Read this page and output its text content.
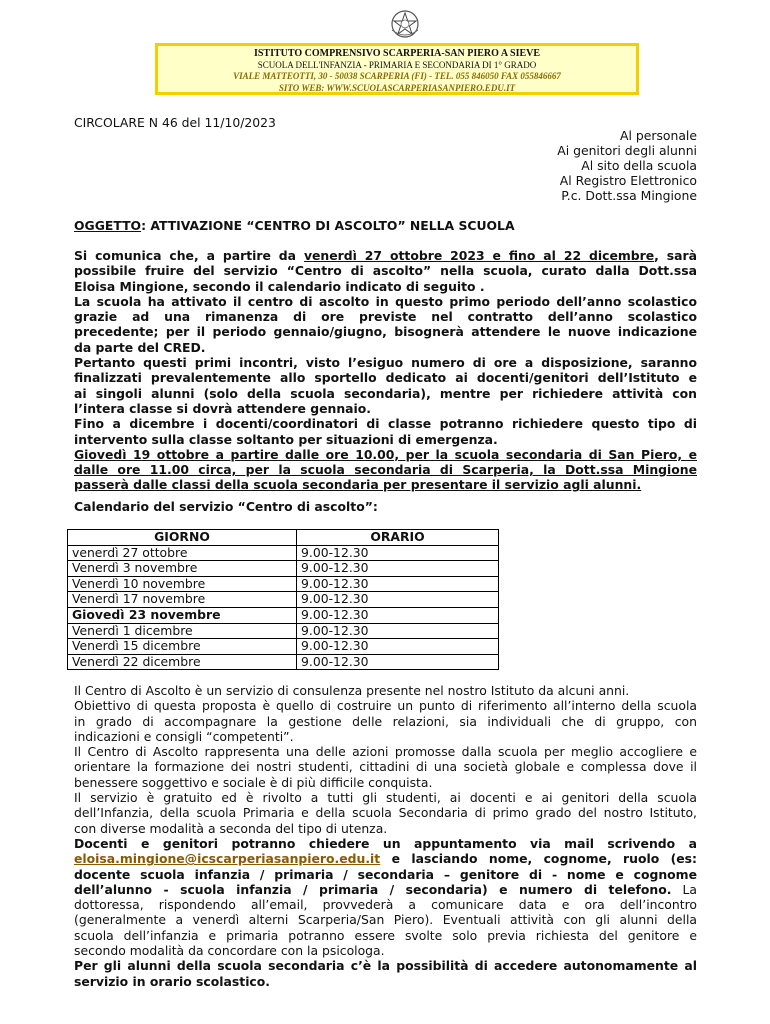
ISTITUTO COMPRENSIVO SCARPERIA-SAN PIERO A SIEVE
SCUOLA DELL'INFANZIA - PRIMARIA E SECONDARIA DI 1° GRADO
VIALE MATTEOTTI, 30 - 50038 SCARPERIA (FI) - TEL. 055 846050 FAX 055846667
SITO WEB: WWW.SCUOLASCARPERIASANPIERO.EDU.IT
CIRCOLARE N 46 del 11/10/2023
Al personale
Ai genitori degli alunni
Al sito della scuola
Al Registro Elettronico
P.c. Dott.ssa Mingione
OGGETTO: ATTIVAZIONE “CENTRO DI ASCOLTO” NELLA SCUOLA
Si comunica che, a partire da venerdì 27 ottobre 2023 e fino al 22 dicembre, sarà
possibile fruire del servizio “Centro di ascolto” nella scuola, curato dalla Dott.ssa
Eloisa Mingione, secondo il calendario indicato di seguito .
La scuola ha attivato il centro di ascolto in questo primo periodo dell’anno scolastico
grazie ad una rimanenza di ore previste nel contratto dell’anno scolastico
precedente; per il periodo gennaio/giugno, bisognerà attendere le nuove indicazione
da parte del CRED.
Pertanto questi primi incontri, visto l’esiguo numero di ore a disposizione, saranno
finalizzati prevalentemente allo sportello dedicato ai docenti/genitori dell’Istituto e
ai singoli alunni (solo della scuola secondaria), mentre per richiedere attività con
l’intera classe si dovrà attendere gennaio.
Fino a dicembre i docenti/coordinatori di classe potranno richiedere questo tipo di
intervento sulla classe soltanto per situazioni di emergenza.
Giovedì 19 ottobre a partire dalle ore 10.00, per la scuola secondaria di San Piero, e
dalle ore 11.00 circa, per la scuola secondaria di Scarperia, la Dott.ssa Mingione
passerà dalle classi della scuola secondaria per presentare il servizio agli alunni.
Calendario del servizio “Centro di ascolto”:
GIORNO	ORARIO
venerdì 27 ottobre	9.00-12.30
Venerdì 3 novembre	9.00-12.30
Venerdì 10 novembre	9.00-12.30
Venerdì 17 novembre	9.00-12.30
Giovedì 23 novembre	9.00-12.30
Venerdì 1 dicembre	9.00-12.30
Venerdì 15 dicembre	9.00-12.30
Venerdì 22 dicembre	9.00-12.30
Il Centro di Ascolto è un servizio di consulenza presente nel nostro Istituto da alcuni anni.
Obiettivo di questa proposta è quello di costruire un punto di riferimento all’interno della scuola
in grado di accompagnare la gestione delle relazioni, sia individuali che di gruppo, con
indicazioni e consigli “competenti”.
Il Centro di Ascolto rappresenta una delle azioni promosse dalla scuola per meglio accogliere e
orientare la formazione dei nostri studenti, cittadini di una società globale e complessa dove il
benessere soggettivo e sociale è di più difficile conquista.
Il servizio è gratuito ed è rivolto a tutti gli studenti, ai docenti e ai genitori della scuola
dell’Infanzia, della scuola Primaria e della scuola Secondaria di primo grado del nostro Istituto,
con diverse modalità a seconda del tipo di utenza.
Docenti e genitori potranno chiedere un appuntamento via mail scrivendo a
eloisa.mingione@icscarperiasanpiero.edu.it e lasciando nome, cognome, ruolo (es:
docente scuola infanzia / primaria / secondaria – genitore di - nome e cognome
dell’alunno - scuola infanzia / primaria / secondaria) e numero di telefono. La
dottoressa, rispondendo all’email, provvederà a comunicare data e ora dell’incontro
(generalmente a venerdì alterni Scarperia/San Piero). Eventuali attività con gli alunni della
scuola dell’infanzia e primaria potranno essere svolte solo previa richiesta del genitore e
secondo modalità da concordare con la psicologa.
Per gli alunni della scuola secondaria c’è la possibilità di accedere autonomamente al
servizio in orario scolastico.
